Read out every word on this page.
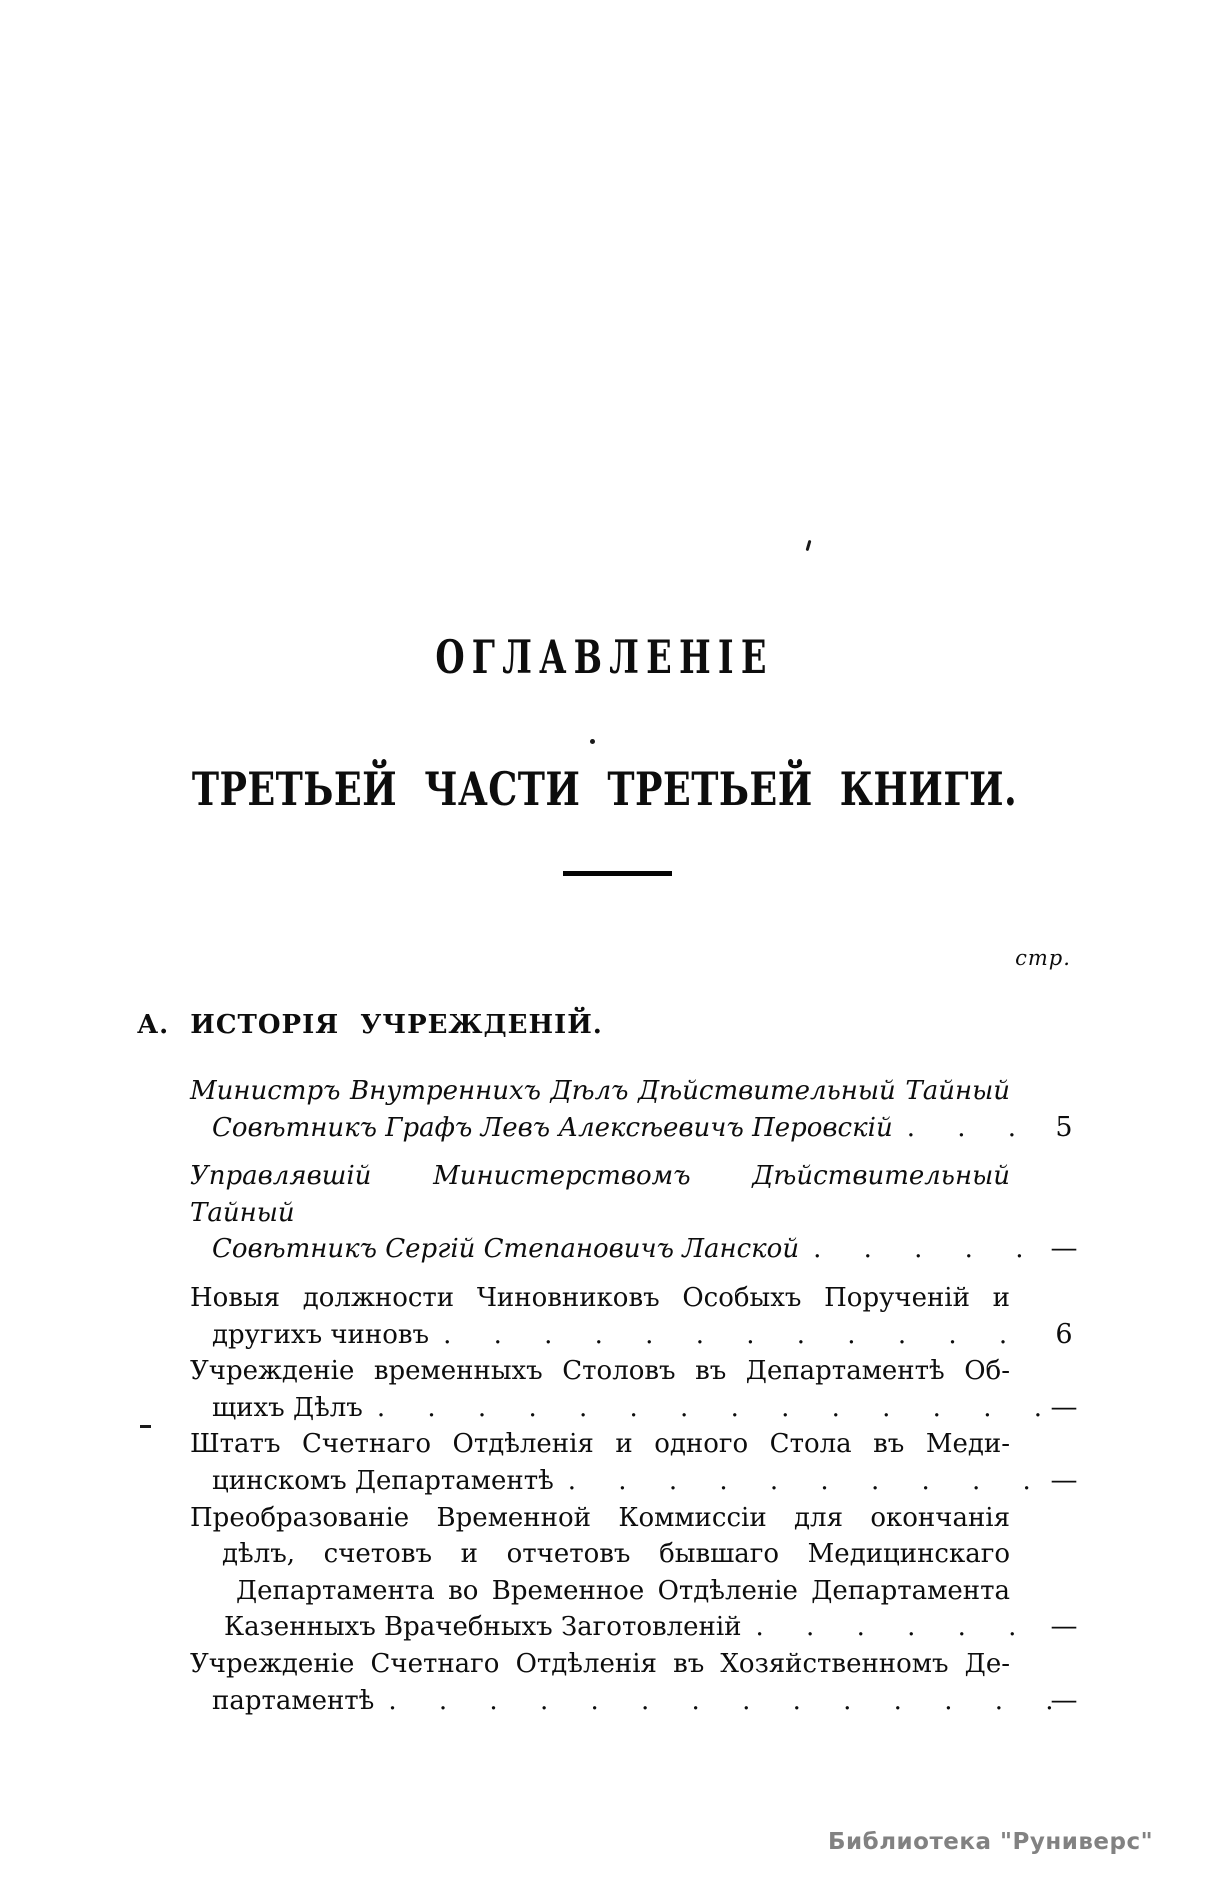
ОГЛАВЛЕНІЕ
ТРЕТЬЕЙ ЧАСТИ ТРЕТЬЕЙ КНИГИ.
стр.
А. ИСТОРІЯ УЧРЕЖДЕНІЙ.
Министръ Внутреннихъ Дѣлъ Дѣйствительный Тайный
Совѣтникъ Графъ Левъ Алексѣевичъ Перовскій . . .	5
Управлявшій Министерствомъ Дѣйствительный Тайный
Совѣтникъ Сергій Степановичъ Ланской . . . . .	—
Новыя должности Чиновниковъ Особыхъ Порученій и
другихъ чиновъ . . . . . . . . . . . .	6
Учрежденіе временныхъ Столовъ въ Департаментѣ Об-
щихъ Дѣлъ . . . . . . . . . . . . . . —
Штатъ Счетнаго Отдѣленія и одного Стола въ Меди-
цинскомъ Департаментѣ . . . . . . . . . . —
Преобразованіе Временной Коммиссіи для окончанія
дѣлъ, счетовъ и отчетовъ бывшаго Медицинскаго
Департамента во Временное Отдѣленіе Департамента
Казенныхъ Врачебныхъ Заготовленій . . . . . .	—
Учрежденіе Счетнаго Отдѣленія въ Хозяйственномъ Де-
партаментѣ . . . . . . . . . . . . . .
—
Библиотека "Руниверс"
